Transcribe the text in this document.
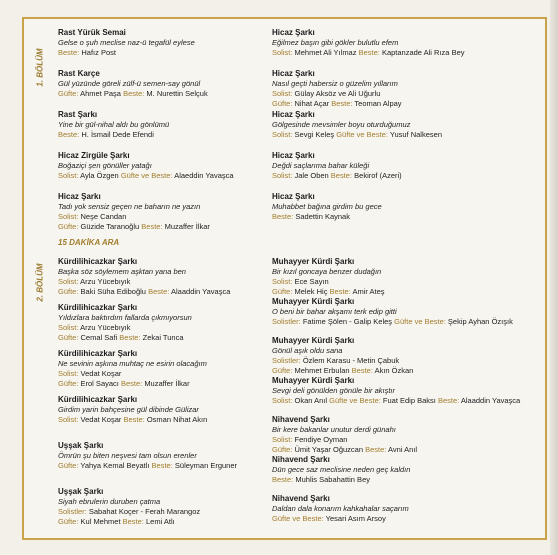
1. BÖLÜM
2. BÖLÜM
15 DAKİKA ARA
Rast Yürük Semai
Gelse o şuh meclise naz-ü tegafül eylese
Beste: Hafız Post
Rast Karçe
Gül yüzünde göreli zülf-ü semen-say gönül
Güfte: Ahmet Paşa Beste: M. Nurettin Selçuk
Rast Şarkı
Yine bir gül-nihal aldı bu gönlümü
Beste: H. İsmail Dede Efendi
Hicaz Zirgüle Şarkı
Boğaziçi şen gönüller yatağı
Solist: Ayla Özgen Güfte ve Beste: Alaeddin Yavaşca
Hicaz Şarkı
Tadı yok sensiz geçen ne baharın ne yazın
Solist: Neşe Candan
Güfte: Güzide Taranoğlu Beste: Muzaffer İlkar
Hicaz Şarkı
Eğilmez başın gibi gökler bulutlu efem
Solist: Mehmet Ali Yılmaz Beste: Kaptanzade Ali Rıza Bey
Hicaz Şarkı
Nasıl geçti habersiz o güzelim yıllarım
Solist: Gülay Aksöz ve Ali Uğurlu
Güfte: Nihat Açar Beste: Teoman Alpay
Hicaz Şarkı
Gölgesinde mevsimler boyu oturduğumuz
Solist: Sevgi Keleş Güfte ve Beste: Yusuf Nalkesen
Hicaz Şarkı
Değdi saçlarıma bahar küleği
Solist: Jale Oben Beste: Bekirof (Azeri)
Hicaz Şarkı
Muhabbet bağına girdim bu gece
Beste: Sadettin Kaynak
Kürdilihicazkar Şarkı
Başka söz söylemem aşktan yana ben
Solist: Arzu Yücebıyık
Güfte: Baki Süha Ediboğlu Beste: Alaaddin Yavaşca
Kürdilihicazkar Şarkı
Yıldızlara baktırdım fallarda çıkmıyorsun
Solist: Arzu Yücebıyık
Güfte: Cemal Safi Beste: Zekai Tunca
Kürdilihicazkar Şarkı
Ne sevinin aşkına muhtaç ne esirin olacağım
Solist: Vedat Koşar
Güfte: Erol Sayacı Beste: Muzaffer İlkar
Kürdilihicazkar Şarkı
Girdim yarin bahçesine gül dibinde Gülizar
Solist: Vedat Koşar Beste: Osman Nihat Akın
Uşşak Şarkı
Ömrün şu biten neşvesi tam olsun erenler
Güfte: Yahya Kemal Beyatlı Beste: Süleyman Erguner
Uşşak Şarkı
Siyah ebrulerin duruben çatma
Solistler: Sabahat Koçer - Ferah Marangoz
Güfte: Kul Mehmet Beste: Lemi Atlı
Muhayyer Kürdi Şarkı
Bir kızıl goncaya benzer dudağın
Solist: Ece Sayın
Güfte: Melek Hiç Beste: Amir Ateş
Muhayyer Kürdi Şarkı
O beni bir bahar akşamı terk edip gitti
Solistler: Fatime Şölen - Galip Keleş Güfte ve Beste: Şekip Ayhan Özışık
Muhayyer Kürdi Şarkı
Gönül aşık oldu sana
Solistler: Özlem Karasu - Metin Çabuk
Güfte: Mehmet Erbulan Beste: Akın Özkan
Muhayyer Kürdi Şarkı
Sevgi deli gönülden gönüle bir akıştır
Solist: Okan Anıl Güfte ve Beste: Fuat Edip Baksı Beste: Alaaddin Yavaşca
Nihavend Şarkı
Bir kere bakanlar unutur derdi günahı
Solist: Fendiye Oyman
Güfte: Ümit Yaşar Oğuzcan Beste: Avni Anıl
Nihavend Şarkı
Dün gece saz meclisine neden geç kaldın
Beste: Muhlis Sabahattin Bey
Nihavend Şarkı
Daldan dala konarım kahkahalar saçarım
Güfte ve Beste: Yesari Asım Arsoy
